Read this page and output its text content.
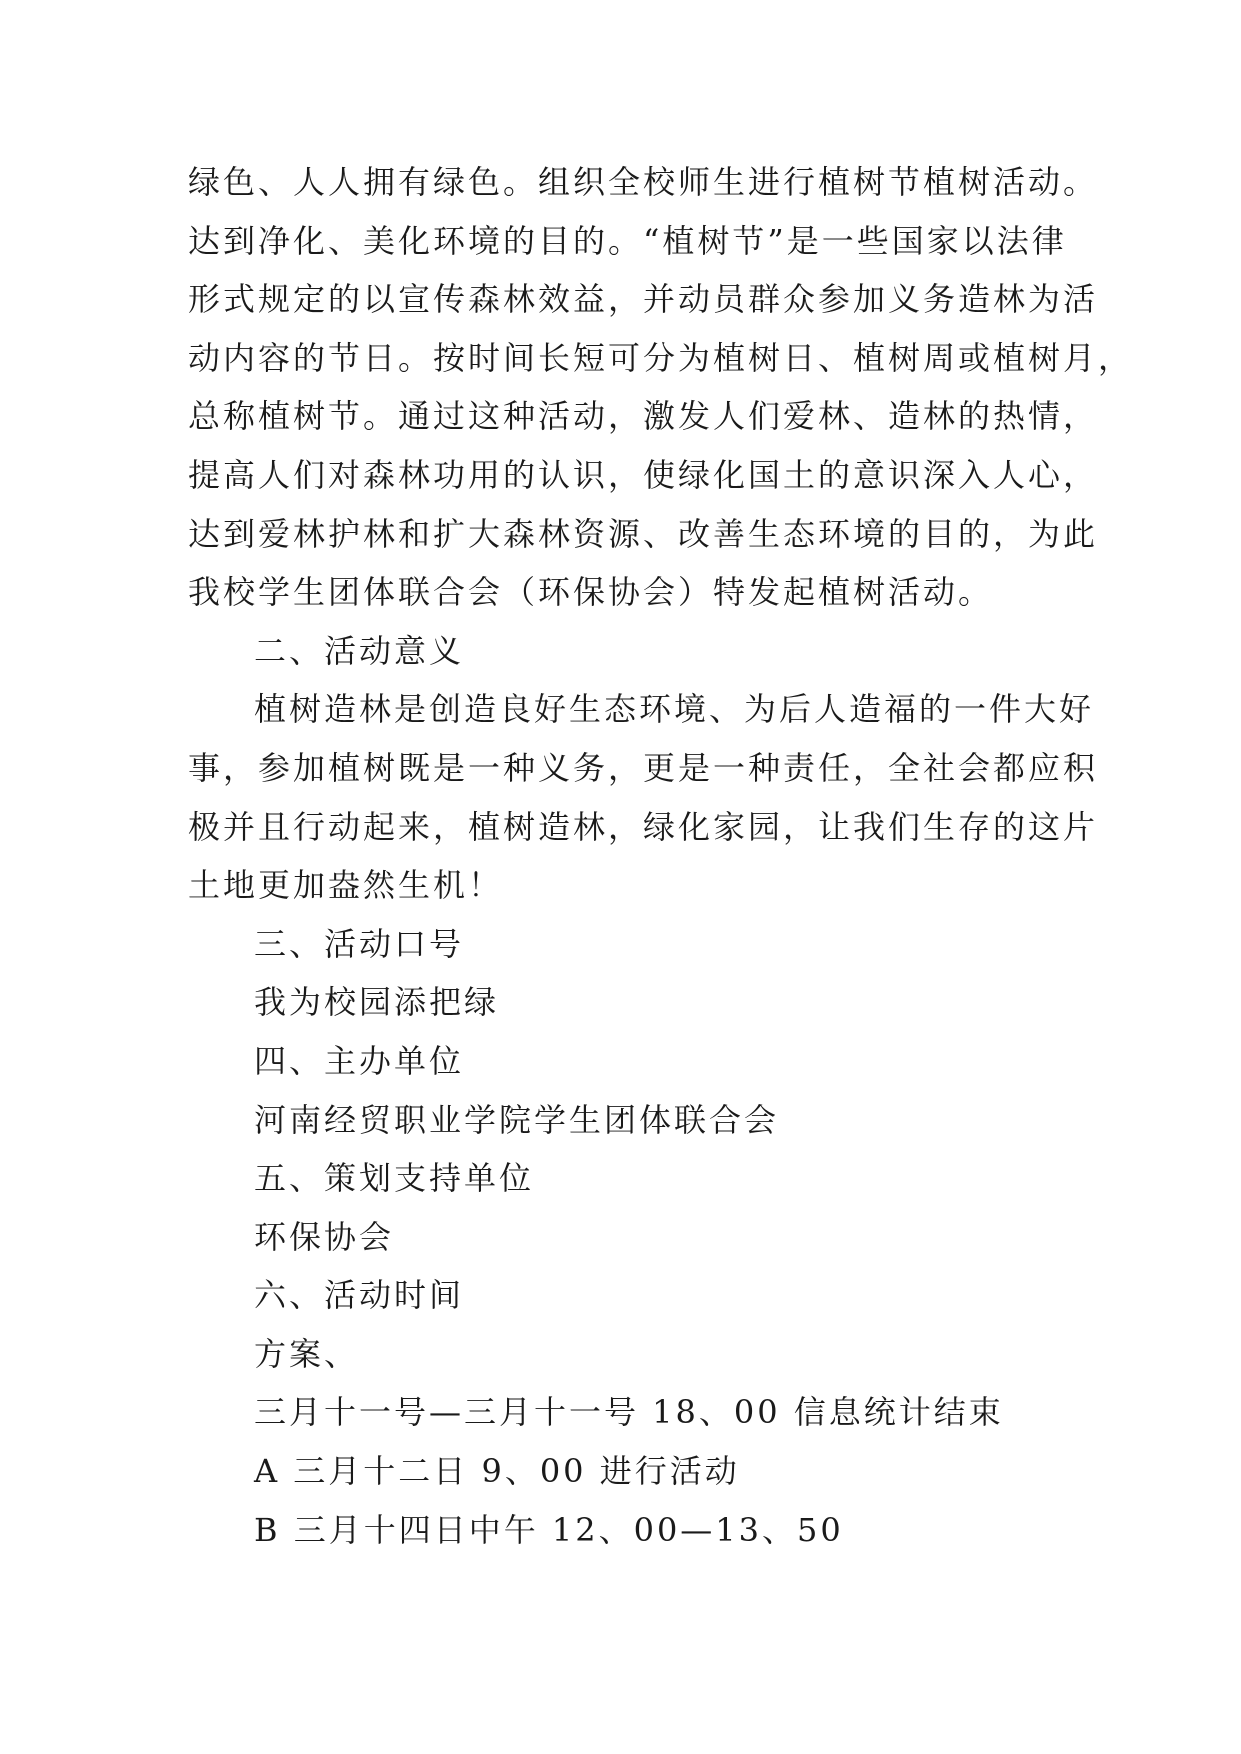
绿色、人人拥有绿色。组织全校师生进行植树节植树活动。
达到净化、美化环境的目的。“植树节”是一些国家以法律
形式规定的以宣传森林效益，并动员群众参加义务造林为活
动内容的节日。按时间长短可分为植树日、植树周或植树月，
总称植树节。通过这种活动，激发人们爱林、造林的热情，
提高人们对森林功用的认识，使绿化国土的意识深入人心，
达到爱林护林和扩大森林资源、改善生态环境的目的，为此
我校学生团体联合会（环保协会）特发起植树活动。
二、活动意义
植树造林是创造良好生态环境、为后人造福的一件大好
事，参加植树既是一种义务，更是一种责任，全社会都应积
极并且行动起来，植树造林，绿化家园，让我们生存的这片
土地更加盎然生机！
三、活动口号
我为校园添把绿
四、主办单位
河南经贸职业学院学生团体联合会
五、策划支持单位
环保协会
六、活动时间
方案、
三月十一号—三月十一号 18、00 信息统计结束
A 三月十二日 9、00 进行活动
B 三月十四日中午 12、00—13、50
